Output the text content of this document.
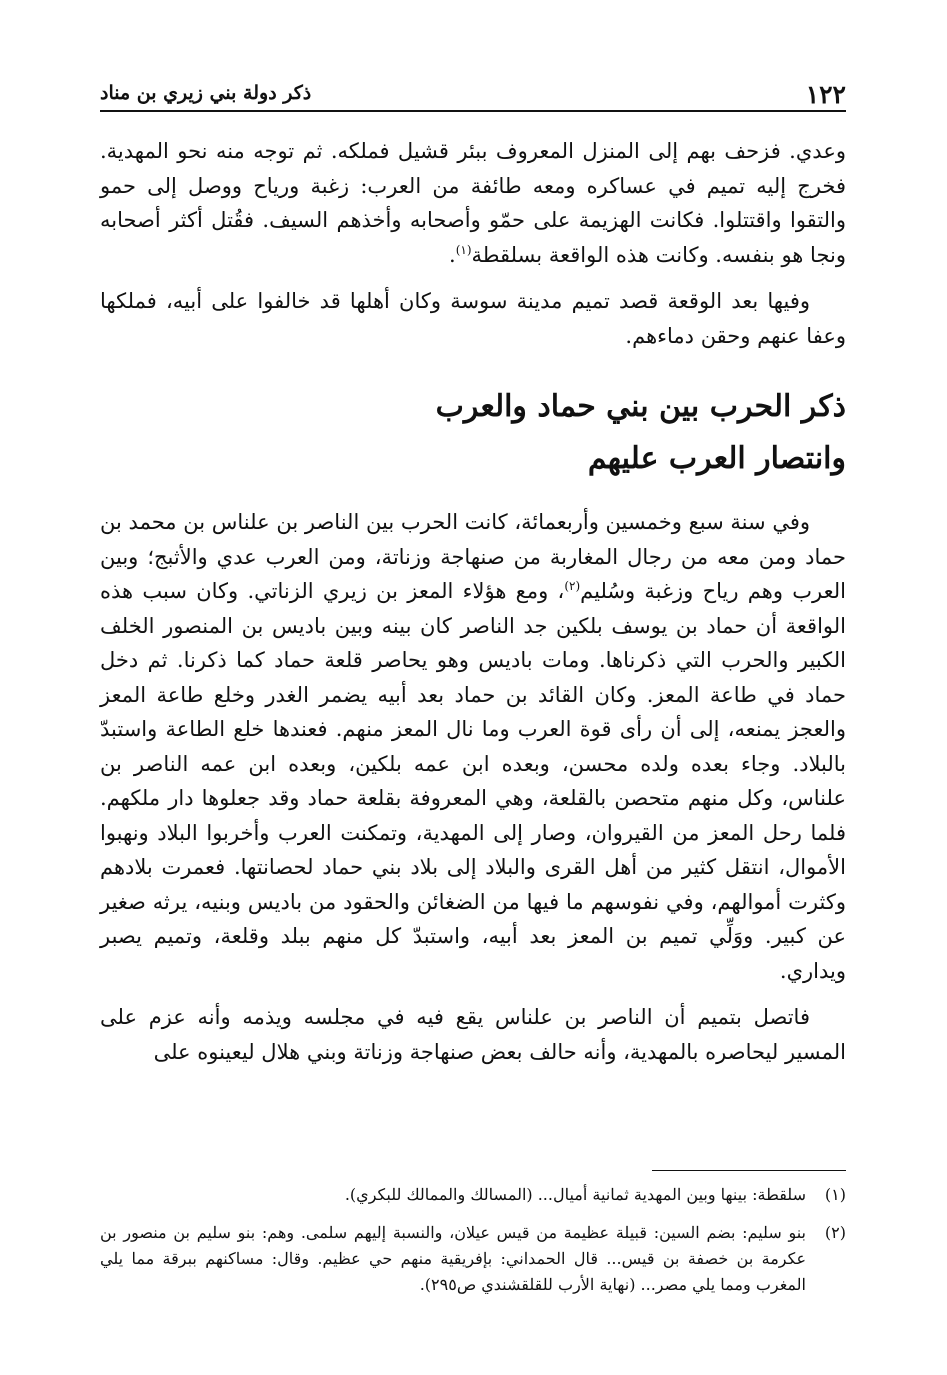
١٢٢
ذكر دولة بني زيري بن مناد

وعدي. فزحف بهم إلى المنزل المعروف ببئر قشيل فملكه. ثم توجه منه نحو المهدية. فخرج إليه تميم في عساكره ومعه طائفة من العرب: زغبة ورياح ووصل إلى حمو والتقوا واقتتلوا. فكانت الهزيمة على حمّو وأصحابه وأخذهم السيف. فقُتل أكثر أصحابه ونجا هو بنفسه. وكانت هذه الواقعة بسلقطة$^{(١)}$.

وفيها بعد الوقعة قصد تميم مدينة سوسة وكان أهلها قد خالفوا على أبيه، فملكها وعفا عنهم وحقن دماءهم.

ذكر الحرب بين بني حماد والعرب
وانتصار العرب عليهم

وفي سنة سبع وخمسين وأربعمائة، كانت الحرب بين الناصر بن علناس بن محمد بن حماد ومن معه من رجال المغاربة من صنهاجة وزناتة، ومن العرب عدي والأثبج؛ وبين العرب وهم رياح وزغبة وسُليم$^{(٢)}$، ومع هؤلاء المعز بن زيري الزناتي. وكان سبب هذه الواقعة أن حماد بن يوسف بلكين جد الناصر كان بينه وبين باديس بن المنصور الخلف الكبير والحرب التي ذكرناها. ومات باديس وهو يحاصر قلعة حماد كما ذكرنا. ثم دخل حماد في طاعة المعز. وكان القائد بن حماد بعد أبيه يضمر الغدر وخلع طاعة المعز والعجز يمنعه، إلى أن رأى قوة العرب وما نال المعز منهم. فعندها خلع الطاعة واستبدّ بالبلاد. وجاء بعده ولده محسن، وبعده ابن عمه بلكين، وبعده ابن عمه الناصر بن علناس، وكل منهم متحصن بالقلعة، وهي المعروفة بقلعة حماد وقد جعلوها دار ملكهم. فلما رحل المعز من القيروان، وصار إلى المهدية، وتمكنت العرب وأخربوا البلاد ونهبوا الأموال، انتقل كثير من أهل القرى والبلاد إلى بلاد بني حماد لحصانتها. فعمرت بلادهم وكثرت أموالهم، وفي نفوسهم ما فيها من الضغائن والحقود من باديس وبنيه، يرثه صغير عن كبير. ووَلِّي تميم بن المعز بعد أبيه، واستبدّ كل منهم ببلد وقلعة، وتميم يصبر ويداري.

فاتصل بتميم أن الناصر بن علناس يقع فيه في مجلسه ويذمه وأنه عزم على المسير ليحاصره بالمهدية، وأنه حالف بعض صنهاجة وزناتة وبني هلال ليعينوه على

(١)
سلقطة: بينها وبين المهدية ثمانية أميال... (المسالك والممالك للبكري).
(٢)
بنو سليم: بضم السين: قبيلة عظيمة من قيس عيلان، والنسبة إليهم سلمى. وهم: بنو سليم بن منصور بن عكرمة بن خصفة بن قيس... قال الحمداني: بإفريقية منهم حي عظيم. وقال: مساكنهم ببرقة مما يلي المغرب ومما يلي مصر... (نهاية الأرب للقلقشندي ص٢٩٥).
